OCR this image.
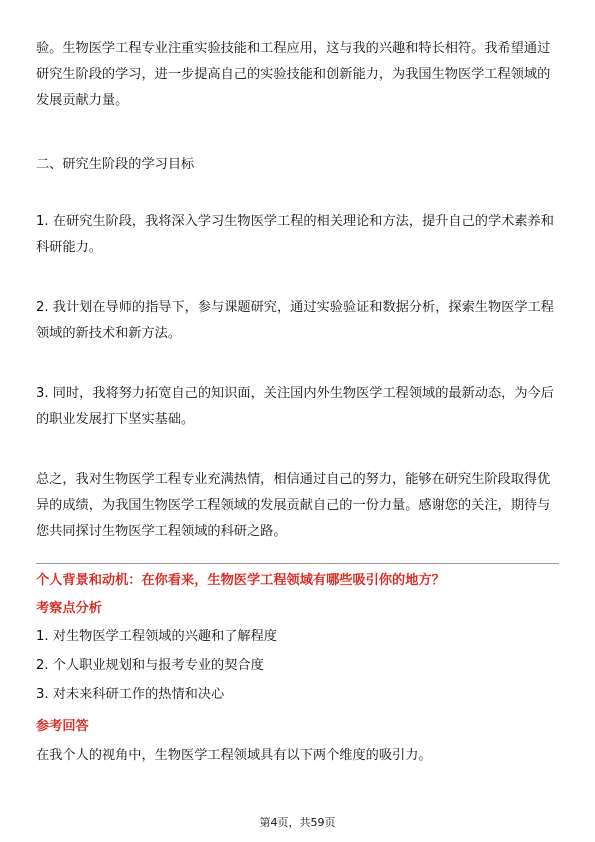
验。生物医学工程专业注重实验技能和工程应用，这与我的兴趣和特长相符。我希望通过研究生阶段的学习，进一步提高自己的实验技能和创新能力，为我国生物医学工程领域的发展贡献力量。

二、研究生阶段的学习目标

1. 在研究生阶段，我将深入学习生物医学工程的相关理论和方法，提升自己的学术素养和科研能力。

2. 我计划在导师的指导下，参与课题研究，通过实验验证和数据分析，探索生物医学工程领域的新技术和新方法。

3. 同时，我将努力拓宽自己的知识面，关注国内外生物医学工程领域的最新动态，为今后的职业发展打下坚实基础。

总之，我对生物医学工程专业充满热情，相信通过自己的努力，能够在研究生阶段取得优异的成绩，为我国生物医学工程领域的发展贡献自己的一份力量。感谢您的关注，期待与您共同探讨生物医学工程领域的科研之路。

个人背景和动机：在你看来，生物医学工程领域有哪些吸引你的地方？

考察点分析

1. 对生物医学工程领域的兴趣和了解程度

2. 个人职业规划和与报考专业的契合度

3. 对未来科研工作的热情和决心

参考回答

在我个人的视角中，生物医学工程领域具有以下两个维度的吸引力。

第4页，共59页
